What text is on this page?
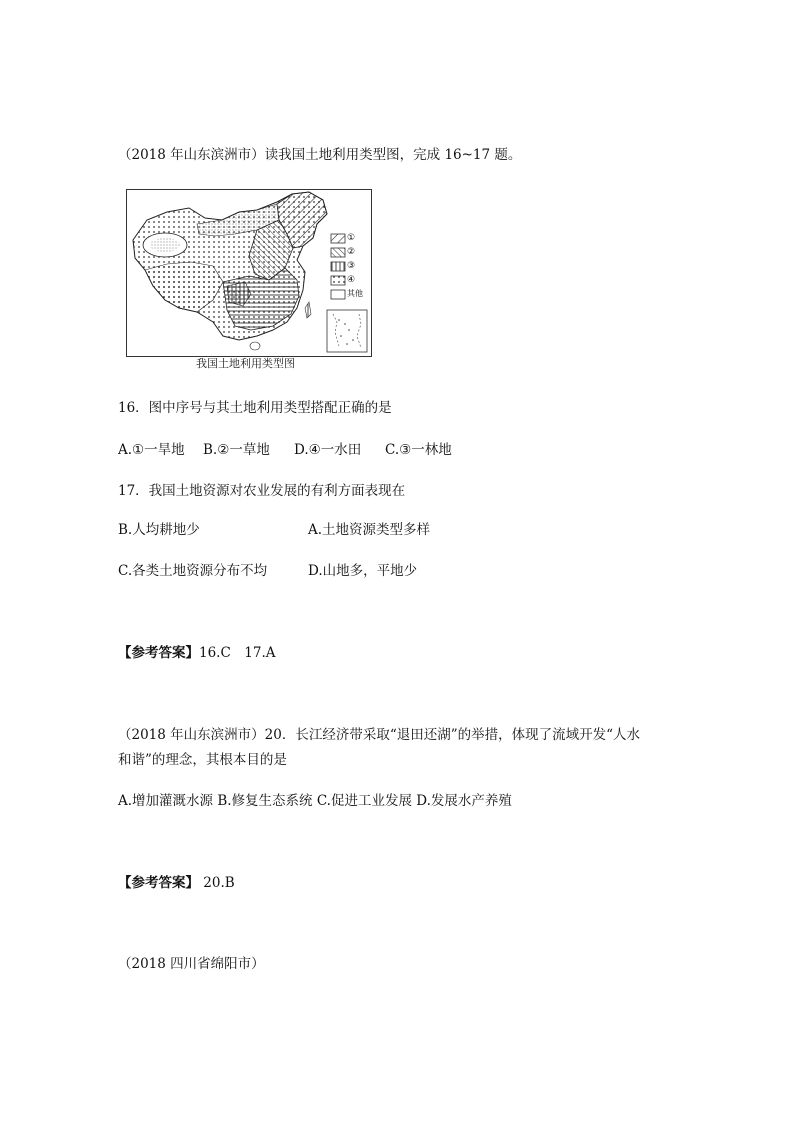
（2018 年山东滨洲市）读我国土地利用类型图，完成 16~17 题。
①
②
③
④
其他
我国土地利用类型图
16．图中序号与其土地利用类型搭配正确的是
A.①一旱地 B.②一草地 D.④一水田 C.③一林地
17．我国土地资源对农业发展的有利方面表现在
B.人均耕地少	A.土地资源类型多样
C.各类土地资源分布不均	D.山地多，平地少
【参考答案】16.C　17.A
（2018 年山东滨洲市）20．长江经济带采取“退田还湖”的举措，体现了流域开发“人水
和谐”的理念，其根本目的是
A.增加灌溉水源 B.修复生态系统 C.促进工业发展 D.发展水产养殖
【参考答案】 20.B
（2018 四川省绵阳市）
